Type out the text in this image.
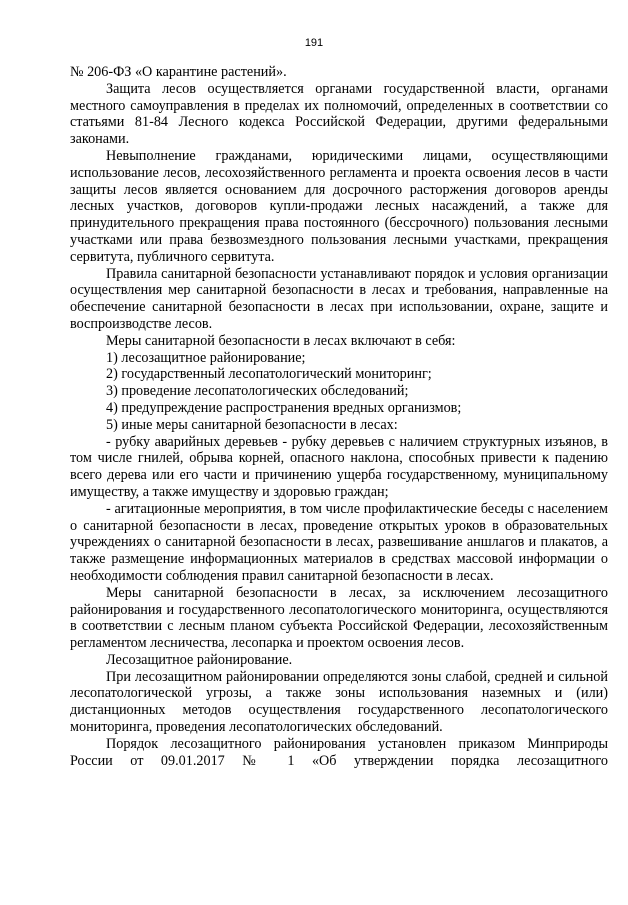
191

№ 206-ФЗ «О карантине растений».

Защита лесов осуществляется органами государственной власти, органами местного самоуправления в пределах их полномочий, определенных в соответствии со статьями 81-84 Лесного кодекса Российской Федерации, другими федеральными законами.

Невыполнение гражданами, юридическими лицами, осуществляющими использование лесов, лесохозяйственного регламента и проекта освоения лесов в части защиты лесов является основанием для досрочного расторжения договоров аренды лесных участков, договоров купли-продажи лесных насаждений, а также для принудительного прекращения права постоянного (бессрочного) пользования лесными участками или права безвозмездного пользования лесными участками, прекращения сервитута, публичного сервитута.

Правила санитарной безопасности устанавливают порядок и условия организации осуществления мер санитарной безопасности в лесах и требования, направленные на обеспечение санитарной безопасности в лесах при использовании, охране, защите и воспроизводстве лесов.

Меры санитарной безопасности в лесах включают в себя:

1) лесозащитное районирование;

2) государственный лесопатологический мониторинг;

3) проведение лесопатологических обследований;

4) предупреждение распространения вредных организмов;

5) иные меры санитарной безопасности в лесах:

- рубку аварийных деревьев - рубку деревьев с наличием структурных изъянов, в том числе гнилей, обрыва корней, опасного наклона, способных привести к падению всего дерева или его части и причинению ущерба государственному, муниципальному имуществу, а также имуществу и здоровью граждан;

- агитационные мероприятия, в том числе профилактические беседы с населением о санитарной безопасности в лесах, проведение открытых уроков в образовательных учреждениях о санитарной безопасности в лесах, развешивание аншлагов и плакатов, а также размещение информационных материалов в средствах массовой информации о необходимости соблюдения правил санитарной безопасности в лесах.

Меры санитарной безопасности в лесах, за исключением лесозащитного районирования и государственного лесопатологического мониторинга, осуществляются в соответствии с лесным планом субъекта Российской Федерации, лесохозяйственным регламентом лесничества, лесопарка и проектом освоения лесов.

Лесозащитное районирование.

При лесозащитном районировании определяются зоны слабой, средней и сильной лесопатологической угрозы, а также зоны использования наземных и (или) дистанционных методов осуществления государственного лесопатологического мониторинга, проведения лесопатологических обследований.

Порядок лесозащитного районирования установлен приказом Минприроды России от 09.01.2017 № 1 «Об утверждении порядка лесозащитного
